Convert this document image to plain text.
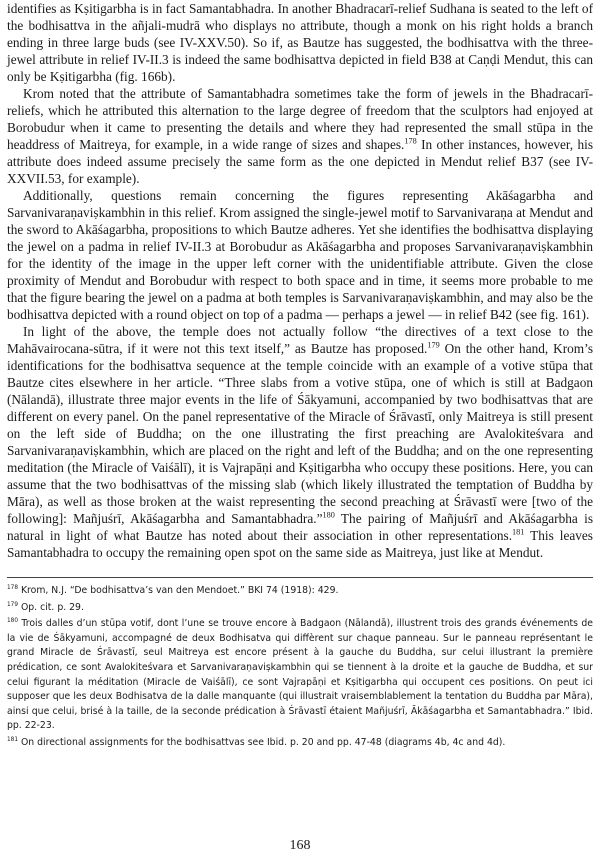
identifies as Kṣitigarbha is in fact Samantabhadra. In another Bhadracarī-relief Sudhana is seated to the left of the bodhisattva in the añjali-mudrā who displays no attribute, though a monk on his right holds a branch ending in three large buds (see IV-XXV.50). So if, as Bautze has suggested, the bodhisattva with the three-jewel attribute in relief IV-II.3 is indeed the same bodhisattva depicted in field B38 at Caṇḍi Mendut, this can only be Kṣitigarbha (fig. 166b).

Krom noted that the attribute of Samantabhadra sometimes take the form of jewels in the Bhadracarī-reliefs, which he attributed this alternation to the large degree of freedom that the sculptors had enjoyed at Borobudur when it came to presenting the details and where they had represented the small stūpa in the headdress of Maitreya, for example, in a wide range of sizes and shapes.$^{178}$ In other instances, however, his attribute does indeed assume precisely the same form as the one depicted in Mendut relief B37 (see IV-XXVII.53, for example).

Additionally, questions remain concerning the figures representing Akāśagarbha and Sarvanivaraṇaviṣkambhin in this relief. Krom assigned the single-jewel motif to Sarvanivaraṇa at Mendut and the sword to Akāśagarbha, propositions to which Bautze adheres. Yet she identifies the bodhisattva displaying the jewel on a padma in relief IV-II.3 at Borobudur as Akāśagarbha and proposes Sarvanivaraṇaviṣkambhin for the identity of the image in the upper left corner with the unidentifiable attribute. Given the close proximity of Mendut and Borobudur with respect to both space and in time, it seems more probable to me that the figure bearing the jewel on a padma at both temples is Sarvanivaraṇaviṣkambhin, and may also be the bodhisattva depicted with a round object on top of a padma — perhaps a jewel — in relief B42 (see fig. 161).

In light of the above, the temple does not actually follow “the directives of a text close to the Mahāvairocana-sūtra, if it were not this text itself,” as Bautze has proposed.$^{179}$ On the other hand, Krom’s identifications for the bodhisattva sequence at the temple coincide with an example of a votive stūpa that Bautze cites elsewhere in her article. “Three slabs from a votive stūpa, one of which is still at Badgaon (Nālandā), illustrate three major events in the life of Śākyamuni, accompanied by two bodhisattvas that are different on every panel. On the panel representative of the Miracle of Śrāvastī, only Maitreya is still present on the left side of Buddha; on the one illustrating the first preaching are Avalokiteśvara and Sarvanivaraṇaviṣkambhin, which are placed on the right and left of the Buddha; and on the one representing meditation (the Miracle of Vaiśālī), it is Vajrapāṇi and Kṣitigarbha who occupy these positions. Here, you can assume that the two bodhisattvas of the missing slab (which likely illustrated the temptation of Buddha by Māra), as well as those broken at the waist representing the second preaching at Śrāvastī were [two of the following]: Mañjuśrī, Akāśagarbha and Samantabhadra.”$^{180}$ The pairing of Mañjuśrī and Akāśagarbha is natural in light of what Bautze has noted about their association in other representations.$^{181}$ This leaves Samantabhadra to occupy the remaining open spot on the same side as Maitreya, just like at Mendut.

$^{178}$ Krom, N.J. “De bodhisattva’s van den Mendoet.” BKI 74 (1918): 429.

$^{179}$ Op. cit. p. 29.

$^{180}$ Trois dalles d’un stūpa votif, dont l’une se trouve encore à Badgaon (Nālandā), illustrent trois des grands événements de la vie de Śākyamuni, accompagné de deux Bodhisatva qui diffèrent sur chaque panneau. Sur le panneau représentant le grand Miracle de Śrāvastī, seul Maitreya est encore présent à la gauche du Buddha, sur celui illustrant la première prédication, ce sont Avalokiteśvara et Sarvanivaraṇaviṣkambhin qui se tiennent à la droite et la gauche de Buddha, et sur celui figurant la méditation (Miracle de Vaiśālī), ce sont Vajrapāṇi et Kṣitigarbha qui occupent ces positions. On peut ici supposer que les deux Bodhisatva de la dalle manquante (qui illustrait vraisemblablement la tentation du Buddha par Māra), ainsi que celui, brisé à la taille, de la seconde prédication à Śrāvastī étaient Mañjuśrī, Ākāśagarbha et Samantabhadra.” Ibid. pp. 22-23.

$^{181}$ On directional assignments for the bodhisattvas see Ibid. p. 20 and pp. 47-48 (diagrams 4b, 4c and 4d).

168
